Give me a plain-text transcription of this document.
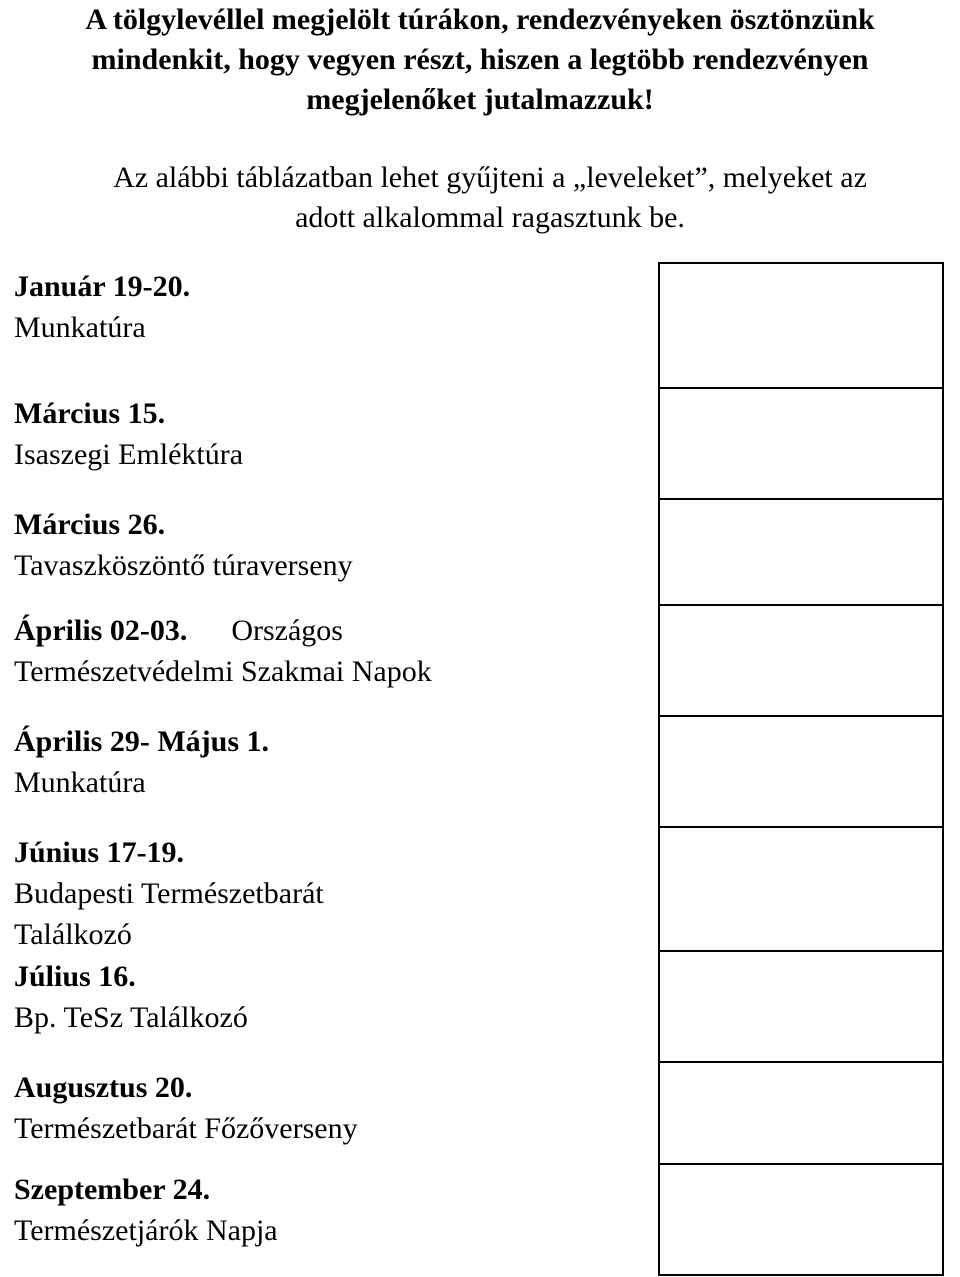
A tölgylevéllel megjelölt túrákon, rendezvényeken ösztönzünk
mindenkit, hogy vegyen részt, hiszen a legtöbb rendezvényen
megjelenőket jutalmazzuk!
Az alábbi táblázatban lehet gyűjteni a „leveleket”, melyeket az
adott alkalommal ragasztunk be.
Január 19-20.
Munkatúra
Március 15.
Isaszegi Emléktúra
Március 26.
Tavaszköszöntő túraverseny
Április 02-03. Országos
Természetvédelmi Szakmai Napok
Április 29- Május 1.
Munkatúra
Június 17-19.
Budapesti Természetbarát
Találkozó
Július 16.
Bp. TeSz Találkozó
Augusztus 20.
Természetbarát Főzőverseny
Szeptember 24.
Természetjárók Napja
